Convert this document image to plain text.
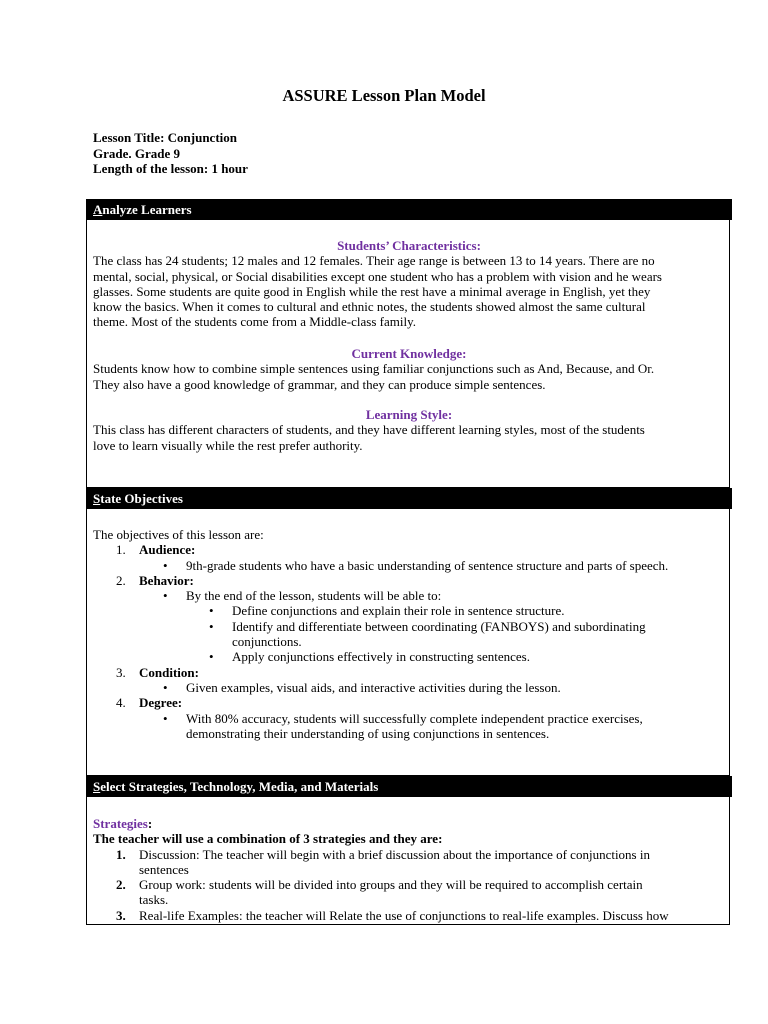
ASSURE Lesson Plan Model
Lesson Title: Conjunction
Grade. Grade 9
Length of the lesson: 1 hour
Analyze Learners
Students’ Characteristics:
The class has 24 students; 12 males and 12 females. Their age range is between 13 to 14 years. There are no
mental, social, physical, or Social disabilities except one student who has a problem with vision and he wears
glasses. Some students are quite good in English while the rest have a minimal average in English, yet they
know the basics. When it comes to cultural and ethnic notes, the students showed almost the same cultural
theme. Most of the students come from a Middle-class family.
Current Knowledge:
Students know how to combine simple sentences using familiar conjunctions such as And, Because, and Or.
They also have a good knowledge of grammar, and they can produce simple sentences.
Learning Style:
This class has different characters of students, and they have different learning styles, most of the students
love to learn visually while the rest prefer authority.
State Objectives
The objectives of this lesson are:
1. Audience:
• 9th-grade students who have a basic understanding of sentence structure and parts of speech.
2. Behavior:
• By the end of the lesson, students will be able to:
• Define conjunctions and explain their role in sentence structure.
• Identify and differentiate between coordinating (FANBOYS) and subordinating
conjunctions.
• Apply conjunctions effectively in constructing sentences.
3. Condition:
• Given examples, visual aids, and interactive activities during the lesson.
4. Degree:
• With 80% accuracy, students will successfully complete independent practice exercises,
demonstrating their understanding of using conjunctions in sentences.
Select Strategies, Technology, Media, and Materials
Strategies:
The teacher will use a combination of 3 strategies and they are:
1. Discussion: The teacher will begin with a brief discussion about the importance of conjunctions in
sentences
2. Group work: students will be divided into groups and they will be required to accomplish certain
tasks.
3. Real-life Examples: the teacher will Relate the use of conjunctions to real-life examples. Discuss how
